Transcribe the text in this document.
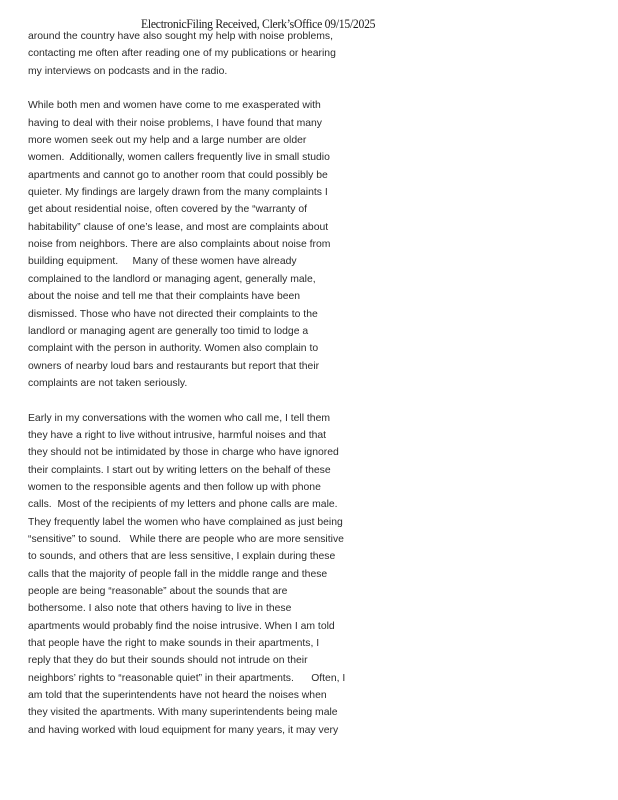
ElectronicFiling Received, Clerk’sOffice 09/15/2025

around the country have also sought my help with noise problems,
contacting me often after reading one of my publications or hearing
my interviews on podcasts and in the radio.

While both men and women have come to me exasperated with
having to deal with their noise problems, I have found that many
more women seek out my help and a large number are older
women.  Additionally, women callers frequently live in small studio
apartments and cannot go to another room that could possibly be
quieter. My findings are largely drawn from the many complaints I
get about residential noise, often covered by the “warranty of
habitability” clause of one’s lease, and most are complaints about
noise from neighbors. There are also complaints about noise from
building equipment.     Many of these women have already
complained to the landlord or managing agent, generally male,
about the noise and tell me that their complaints have been
dismissed. Those who have not directed their complaints to the
landlord or managing agent are generally too timid to lodge a
complaint with the person in authority. Women also complain to
owners of nearby loud bars and restaurants but report that their
complaints are not taken seriously.

Early in my conversations with the women who call me, I tell them
they have a right to live without intrusive, harmful noises and that
they should not be intimidated by those in charge who have ignored
their complaints. I start out by writing letters on the behalf of these
women to the responsible agents and then follow up with phone
calls.  Most of the recipients of my letters and phone calls are male.
They frequently label the women who have complained as just being
“sensitive” to sound.   While there are people who are more sensitive
to sounds, and others that are less sensitive, I explain during these
calls that the majority of people fall in the middle range and these
people are being “reasonable” about the sounds that are
bothersome. I also note that others having to live in these
apartments would probably find the noise intrusive. When I am told
that people have the right to make sounds in their apartments, I
reply that they do but their sounds should not intrude on their
neighbors’ rights to “reasonable quiet” in their apartments.      Often, I
am told that the superintendents have not heard the noises when
they visited the apartments. With many superintendents being male
and having worked with loud equipment for many years, it may very
